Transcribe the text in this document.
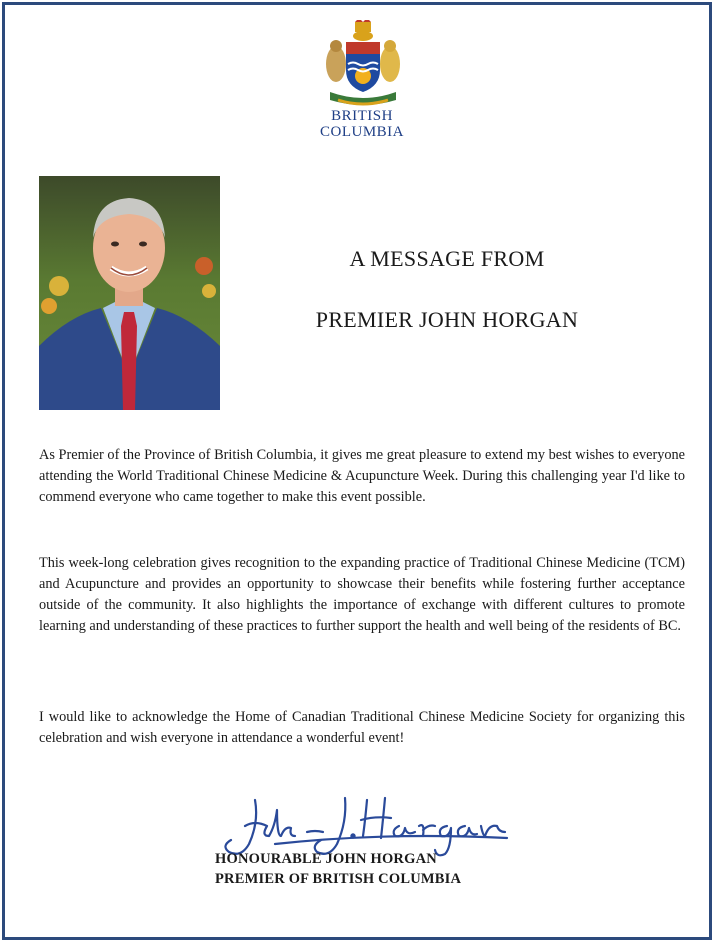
BRITISH
COLUMBIA
A MESSAGE FROM
PREMIER JOHN HORGAN

As Premier of the Province of British Columbia, it gives me great pleasure to extend my best wishes to everyone attending the World Traditional Chinese Medicine & Acupuncture Week. During this challenging year I'd like to commend everyone who came together to make this event possible.

This week-long celebration gives recognition to the expanding practice of Traditional Chinese Medicine (TCM) and Acupuncture and provides an opportunity to showcase their benefits while fostering further acceptance outside of the community. It also highlights the importance of exchange with different cultures to promote learning and understanding of these practices to further support the health and well being of the residents of BC.

I would like to acknowledge the Home of Canadian Traditional Chinese Medicine Society for organizing this celebration and wish everyone in attendance a wonderful event!

HONOURABLE JOHN HORGAN
PREMIER OF BRITISH COLUMBIA
